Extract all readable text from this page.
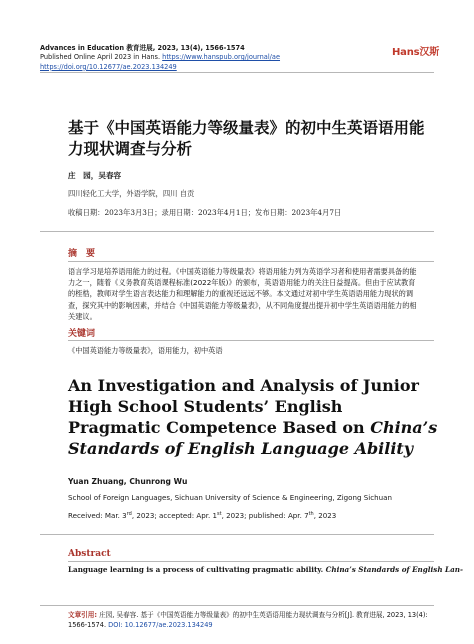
Advances in Education 教育进展, 2023, 13(4), 1566-1574
Published Online April 2023 in Hans. https://www.hanspub.org/journal/ae
https://doi.org/10.12677/ae.2023.134249
Hans汉斯
基于《中国英语能力等级量表》的初中生英语语用能力现状调查与分析
庄　园，吴春容
四川轻化工大学，外语学院，四川 自贡
收稿日期：2023年3月3日；录用日期：2023年4月1日；发布日期：2023年4月7日
摘　要
语言学习是培养语用能力的过程。《中国英语能力等级量表》将语用能力列为英语学习者和使用者需要具备的能力之一，随着《义务教育英语课程标准(2022年版)》的颁布，英语语用能力的关注日益提高。但由于应试教育的桎梏，教师对学生语言表达能力和理解能力的重视还远远不够。本文通过对初中学生英语语用能力现状的调查，探究其中的影响因素，并结合《中国英语能力等级量表》，从不同角度提出提升初中学生英语语用能力的相关建议。
关键词
《中国英语能力等级量表》，语用能力，初中英语
An Investigation and Analysis of Junior High School Students’ English Pragmatic Competence Based on China’s Standards of English Language Ability
Yuan Zhuang, Chunrong Wu
School of Foreign Languages, Sichuan University of Science & Engineering, Zigong Sichuan
Received: Mar. 3rd, 2023; accepted: Apr. 1st, 2023; published: Apr. 7th, 2023
Abstract
Language learning is a process of cultivating pragmatic ability. China’s Standards of English Lan-
文章引用: 庄园, 吴春容. 基于《中国英语能力等级量表》的初中生英语语用能力现状调查与分析[J]. 教育进展, 2023, 13(4): 1566-1574. DOI: 10.12677/ae.2023.134249
